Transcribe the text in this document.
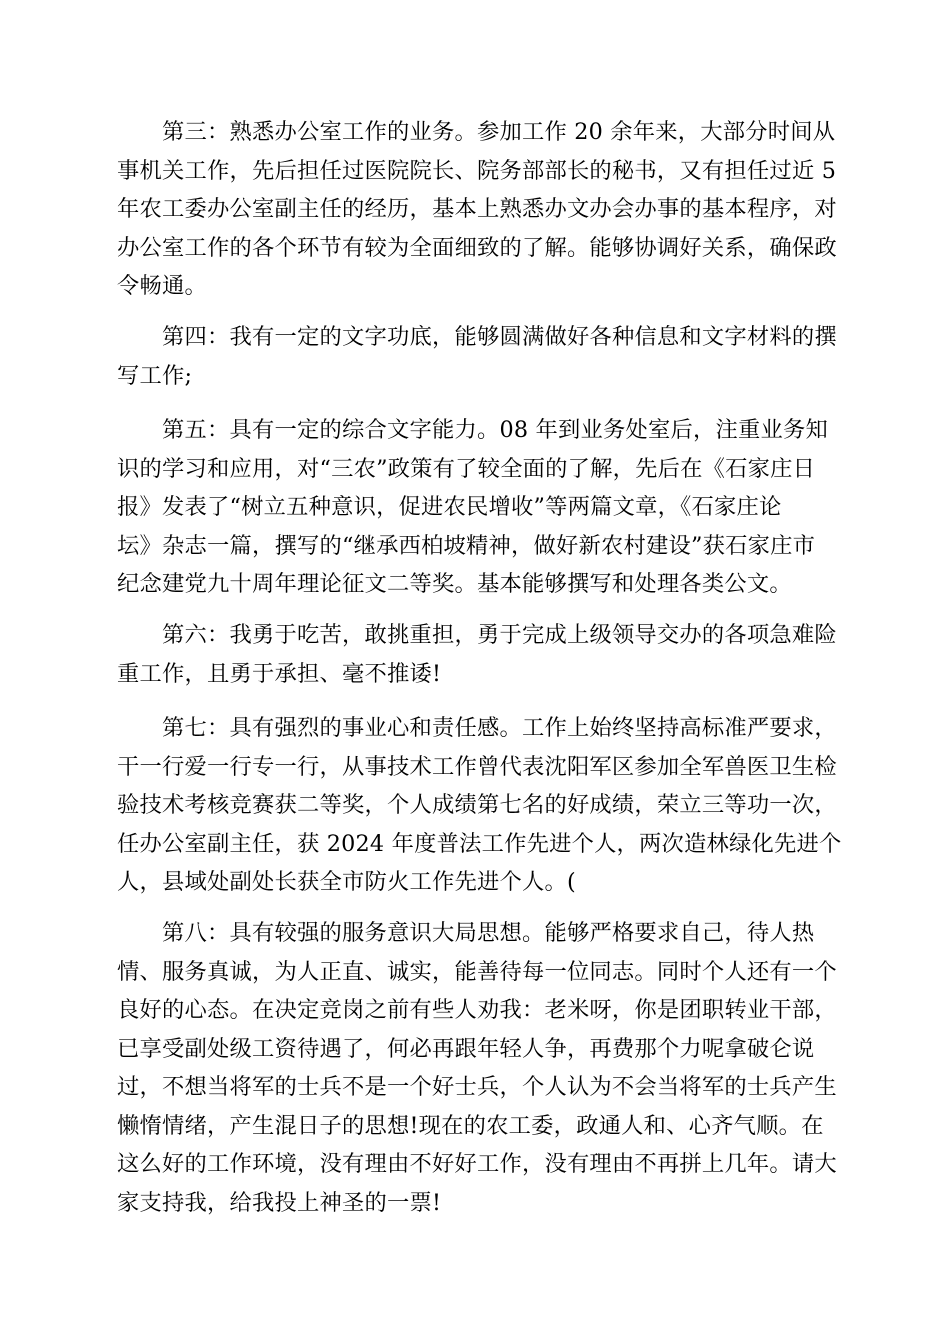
第三：熟悉办公室工作的业务。参加工作 20 余年来，大部分时间从
事机关工作，先后担任过医院院长、院务部部长的秘书，又有担任过近 5
年农工委办公室副主任的经历，基本上熟悉办文办会办事的基本程序，对
办公室工作的各个环节有较为全面细致的了解。能够协调好关系，确保政
令畅通。
第四：我有一定的文字功底，能够圆满做好各种信息和文字材料的撰
写工作;
第五：具有一定的综合文字能力。08 年到业务处室后，注重业务知
识的学习和应用，对“三农”政策有了较全面的了解，先后在《石家庄日
报》发表了“树立五种意识，促进农民增收”等两篇文章，《石家庄论
坛》杂志一篇，撰写的“继承西柏坡精神，做好新农村建设”获石家庄市
纪念建党九十周年理论征文二等奖。基本能够撰写和处理各类公文。
第六：我勇于吃苦，敢挑重担，勇于完成上级领导交办的各项急难险
重工作，且勇于承担、毫不推诿!
第七：具有强烈的事业心和责任感。工作上始终坚持高标准严要求，
干一行爱一行专一行，从事技术工作曾代表沈阳军区参加全军兽医卫生检
验技术考核竞赛获二等奖，个人成绩第七名的好成绩，荣立三等功一次，
任办公室副主任，获 2024 年度普法工作先进个人，两次造林绿化先进个
人，县域处副处长获全市防火工作先进个人。(
第八：具有较强的服务意识大局思想。能够严格要求自己，待人热
情、服务真诚，为人正直、诚实，能善待每一位同志。同时个人还有一个
良好的心态。在决定竞岗之前有些人劝我：老米呀，你是团职转业干部，
已享受副处级工资待遇了，何必再跟年轻人争，再费那个力呢拿破仑说
过，不想当将军的士兵不是一个好士兵，个人认为不会当将军的士兵产生
懒惰情绪，产生混日子的思想!现在的农工委，政通人和、心齐气顺。在
这么好的工作环境，没有理由不好好工作，没有理由不再拼上几年。请大
家支持我，给我投上神圣的一票!
